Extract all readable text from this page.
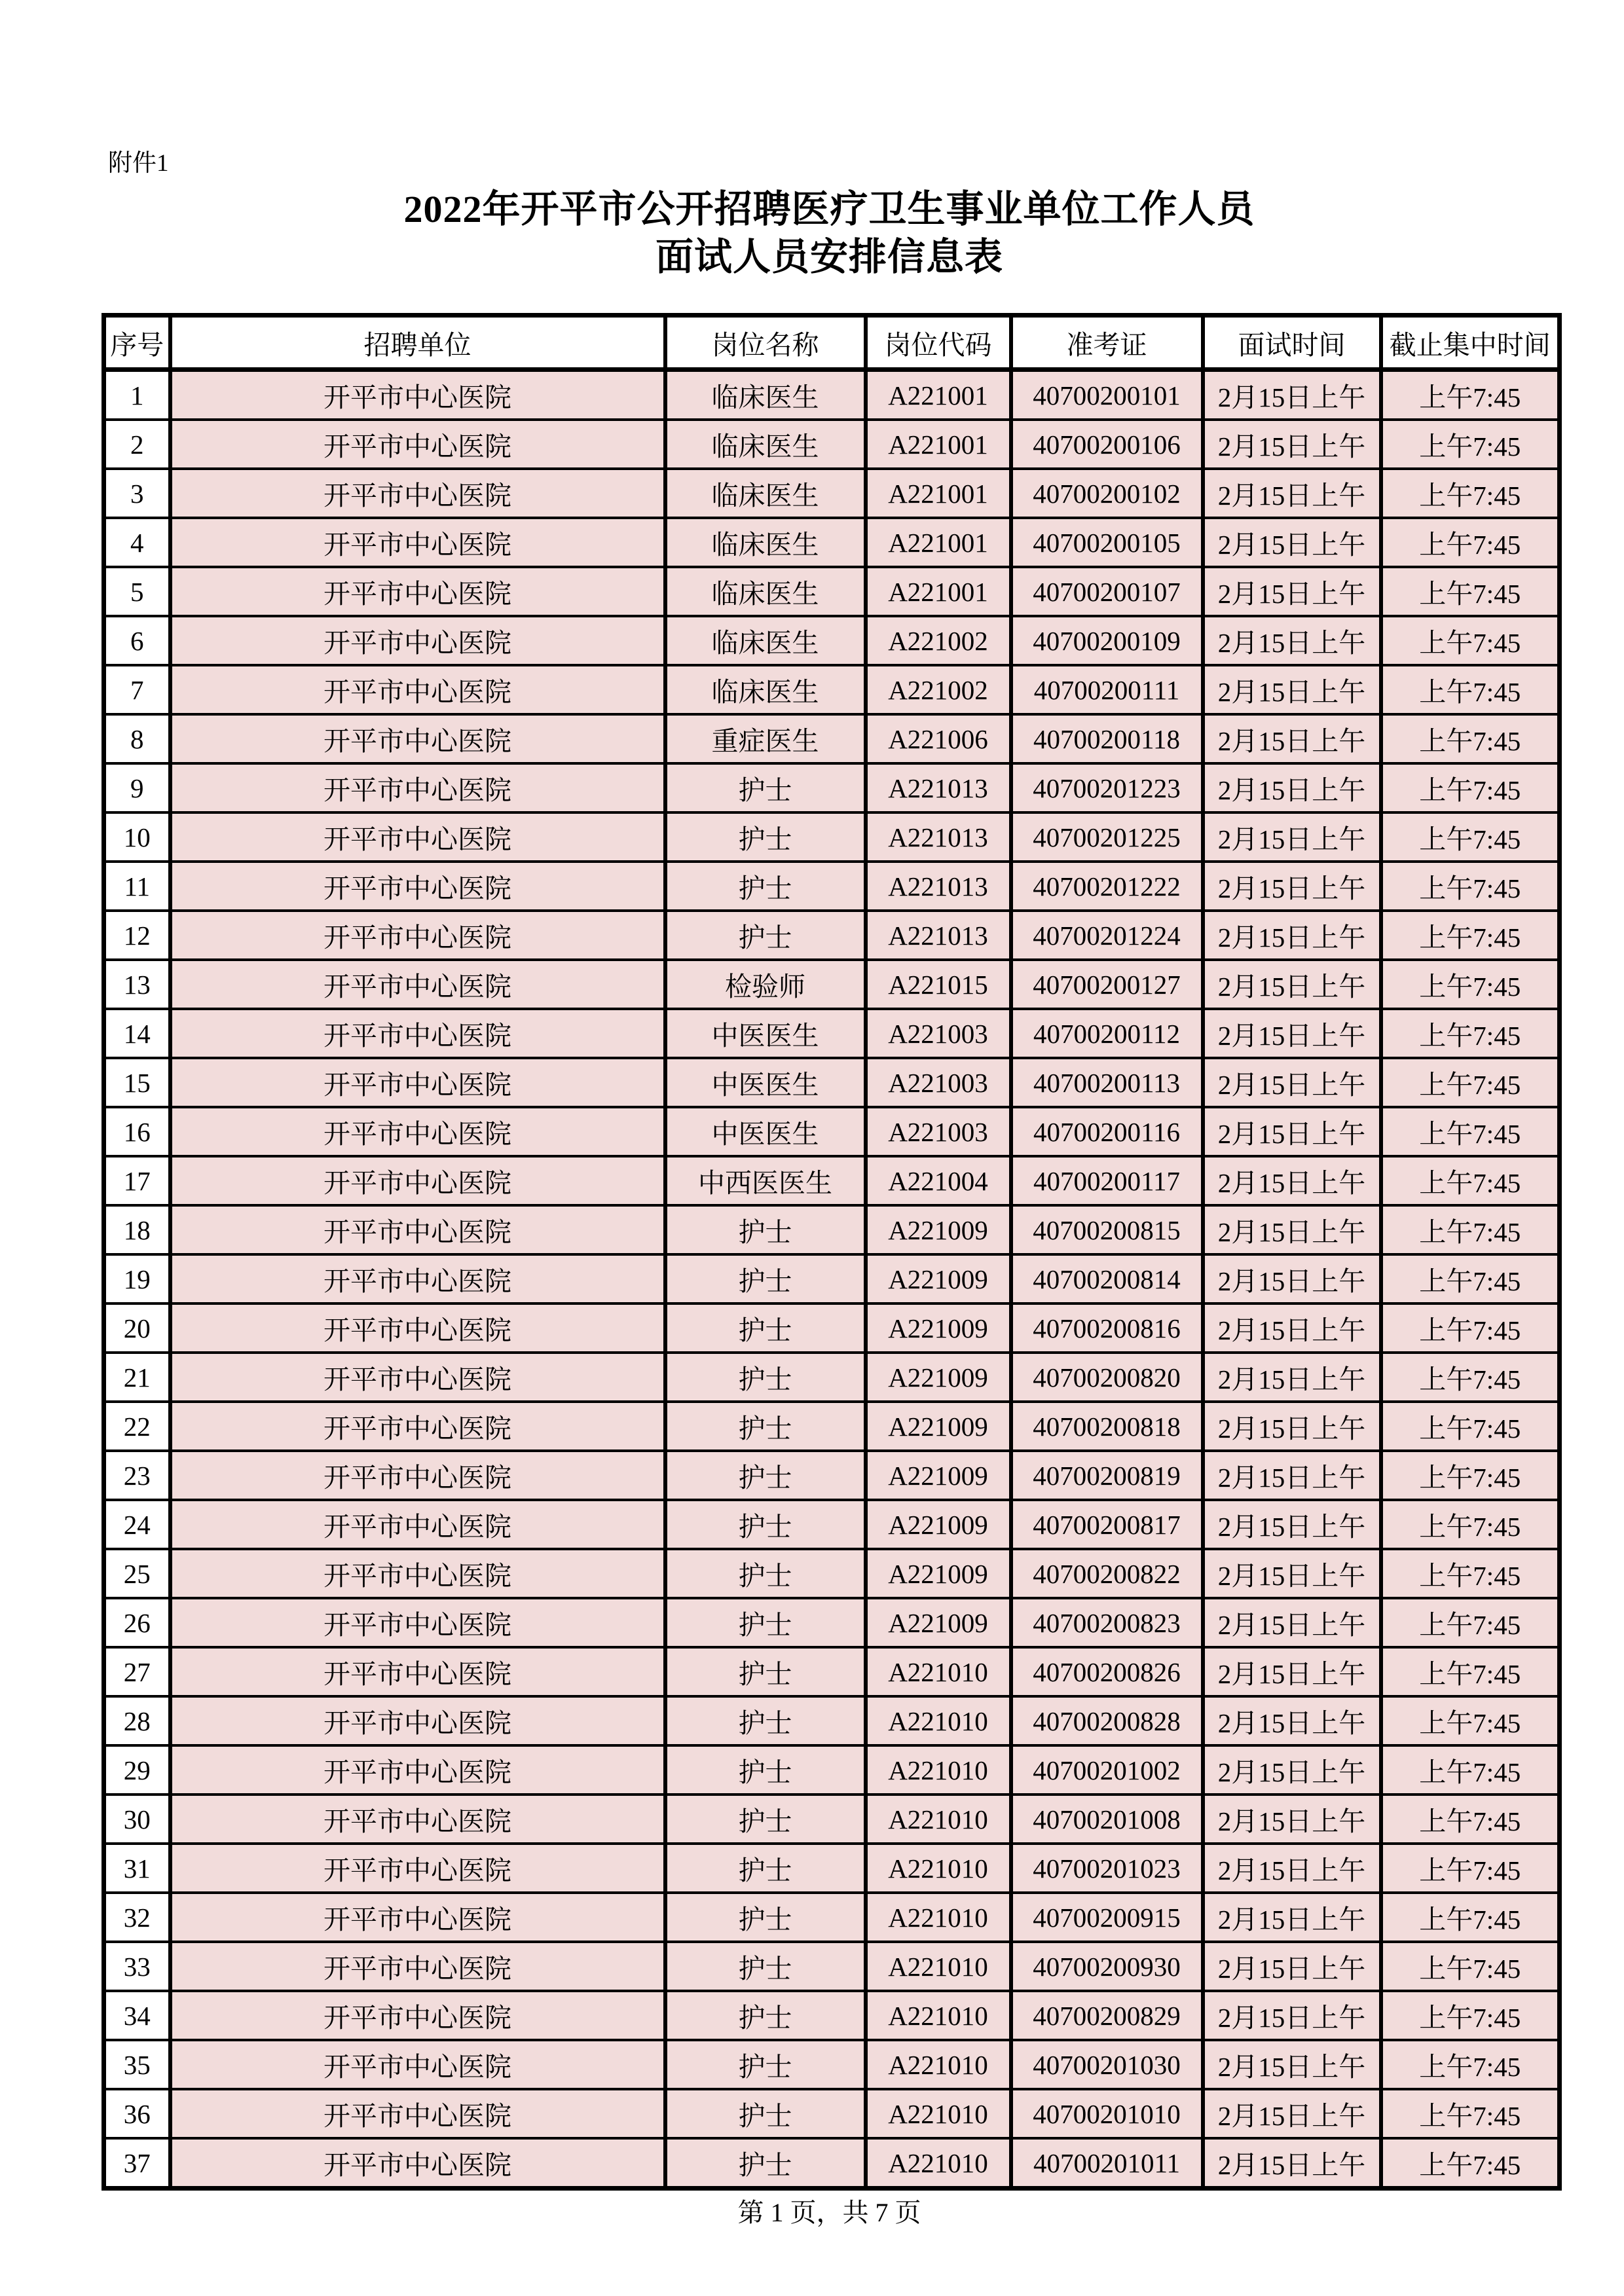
附件1
2022年开平市公开招聘医疗卫生事业单位工作人员
面试人员安排信息表
序号	招聘单位	岗位名称	岗位代码	准考证	面试时间	截止集中时间
1	开平市中心医院	临床医生	A221001	40700200101	2月15日上午	上午7:45
2	开平市中心医院	临床医生	A221001	40700200106	2月15日上午	上午7:45
3	开平市中心医院	临床医生	A221001	40700200102	2月15日上午	上午7:45
4	开平市中心医院	临床医生	A221001	40700200105	2月15日上午	上午7:45
5	开平市中心医院	临床医生	A221001	40700200107	2月15日上午	上午7:45
6	开平市中心医院	临床医生	A221002	40700200109	2月15日上午	上午7:45
7	开平市中心医院	临床医生	A221002	40700200111	2月15日上午	上午7:45
8	开平市中心医院	重症医生	A221006	40700200118	2月15日上午	上午7:45
9	开平市中心医院	护士	A221013	40700201223	2月15日上午	上午7:45
10	开平市中心医院	护士	A221013	40700201225	2月15日上午	上午7:45
11	开平市中心医院	护士	A221013	40700201222	2月15日上午	上午7:45
12	开平市中心医院	护士	A221013	40700201224	2月15日上午	上午7:45
13	开平市中心医院	检验师	A221015	40700200127	2月15日上午	上午7:45
14	开平市中心医院	中医医生	A221003	40700200112	2月15日上午	上午7:45
15	开平市中心医院	中医医生	A221003	40700200113	2月15日上午	上午7:45
16	开平市中心医院	中医医生	A221003	40700200116	2月15日上午	上午7:45
17	开平市中心医院	中西医医生	A221004	40700200117	2月15日上午	上午7:45
18	开平市中心医院	护士	A221009	40700200815	2月15日上午	上午7:45
19	开平市中心医院	护士	A221009	40700200814	2月15日上午	上午7:45
20	开平市中心医院	护士	A221009	40700200816	2月15日上午	上午7:45
21	开平市中心医院	护士	A221009	40700200820	2月15日上午	上午7:45
22	开平市中心医院	护士	A221009	40700200818	2月15日上午	上午7:45
23	开平市中心医院	护士	A221009	40700200819	2月15日上午	上午7:45
24	开平市中心医院	护士	A221009	40700200817	2月15日上午	上午7:45
25	开平市中心医院	护士	A221009	40700200822	2月15日上午	上午7:45
26	开平市中心医院	护士	A221009	40700200823	2月15日上午	上午7:45
27	开平市中心医院	护士	A221010	40700200826	2月15日上午	上午7:45
28	开平市中心医院	护士	A221010	40700200828	2月15日上午	上午7:45
29	开平市中心医院	护士	A221010	40700201002	2月15日上午	上午7:45
30	开平市中心医院	护士	A221010	40700201008	2月15日上午	上午7:45
31	开平市中心医院	护士	A221010	40700201023	2月15日上午	上午7:45
32	开平市中心医院	护士	A221010	40700200915	2月15日上午	上午7:45
33	开平市中心医院	护士	A221010	40700200930	2月15日上午	上午7:45
34	开平市中心医院	护士	A221010	40700200829	2月15日上午	上午7:45
35	开平市中心医院	护士	A221010	40700201030	2月15日上午	上午7:45
36	开平市中心医院	护士	A221010	40700201010	2月15日上午	上午7:45
37	开平市中心医院	护士	A221010	40700201011	2月15日上午	上午7:45
第 1 页，共 7 页
